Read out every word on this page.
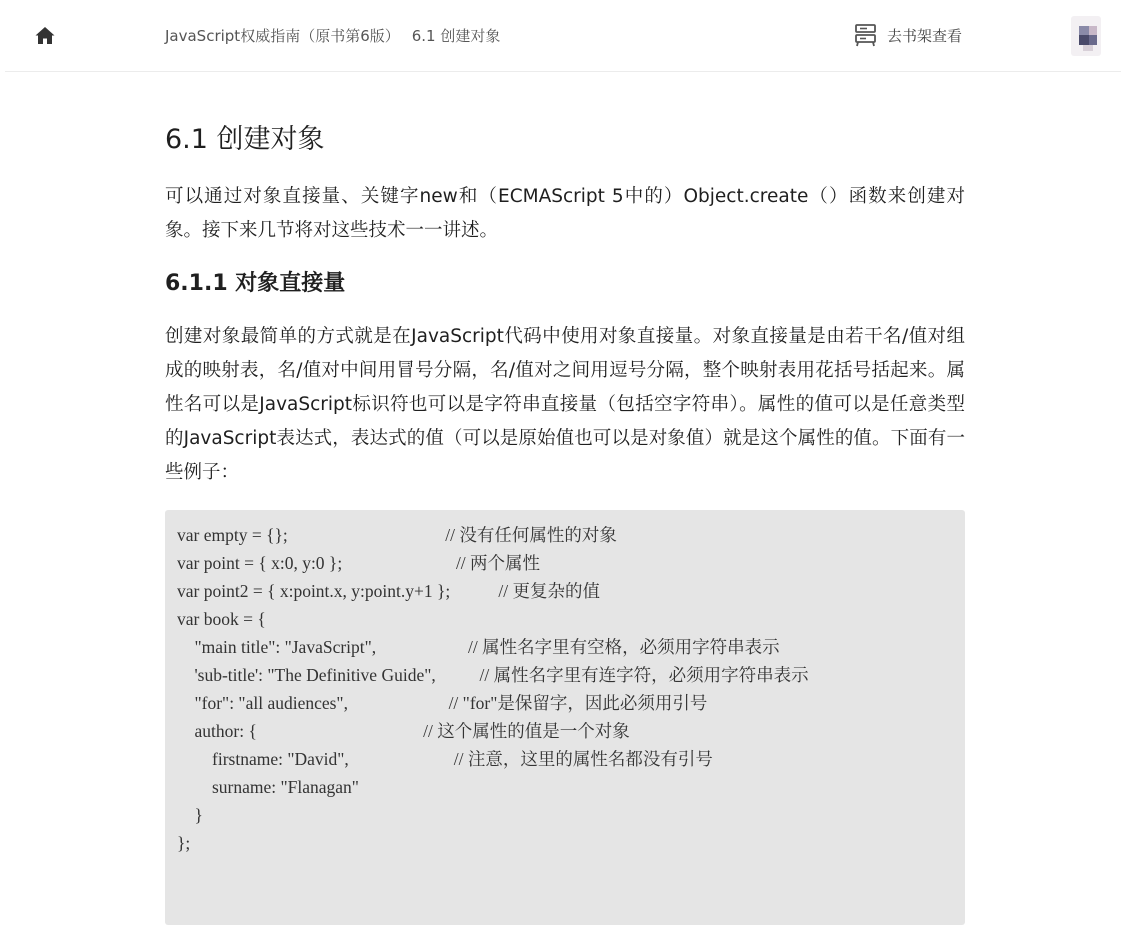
JavaScript权威指南（原书第6版） 6.1 创建对象	去书架查看
6.1 创建对象

可以通过对象直接量、关键字new和（ECMAScript 5中的）Object.create（）函数来创建对象。接下来几节将对这些技术一一讲述。

6.1.1 对象直接量

创建对象最简单的方式就是在JavaScript代码中使用对象直接量。对象直接量是由若干名/值对组成的映射表，名/值对中间用冒号分隔，名/值对之间用逗号分隔，整个映射表用花括号括起来。属性名可以是JavaScript标识符也可以是字符串直接量（包括空字符串）。属性的值可以是任意类型的JavaScript表达式，表达式的值（可以是原始值也可以是对象值）就是这个属性的值。下面有一些例子：

var empty = {};                                    // 没有任何属性的对象
var point = { x:0, y:0 };                          // 两个属性
var point2 = { x:point.x, y:point.y+1 };           // 更复杂的值
var book = {
"main title": "JavaScript",                     // 属性名字里有空格，必须用字符串表示
'sub-title': "The Definitive Guide",          // 属性名字里有连字符，必须用字符串表示
"for": "all audiences",                       // "for"是保留字，因此必须用引号
author: {                                      // 这个属性的值是一个对象
firstname: "David",                        // 注意，这里的属性名都没有引号
surname: "Flanagan"
}
};
